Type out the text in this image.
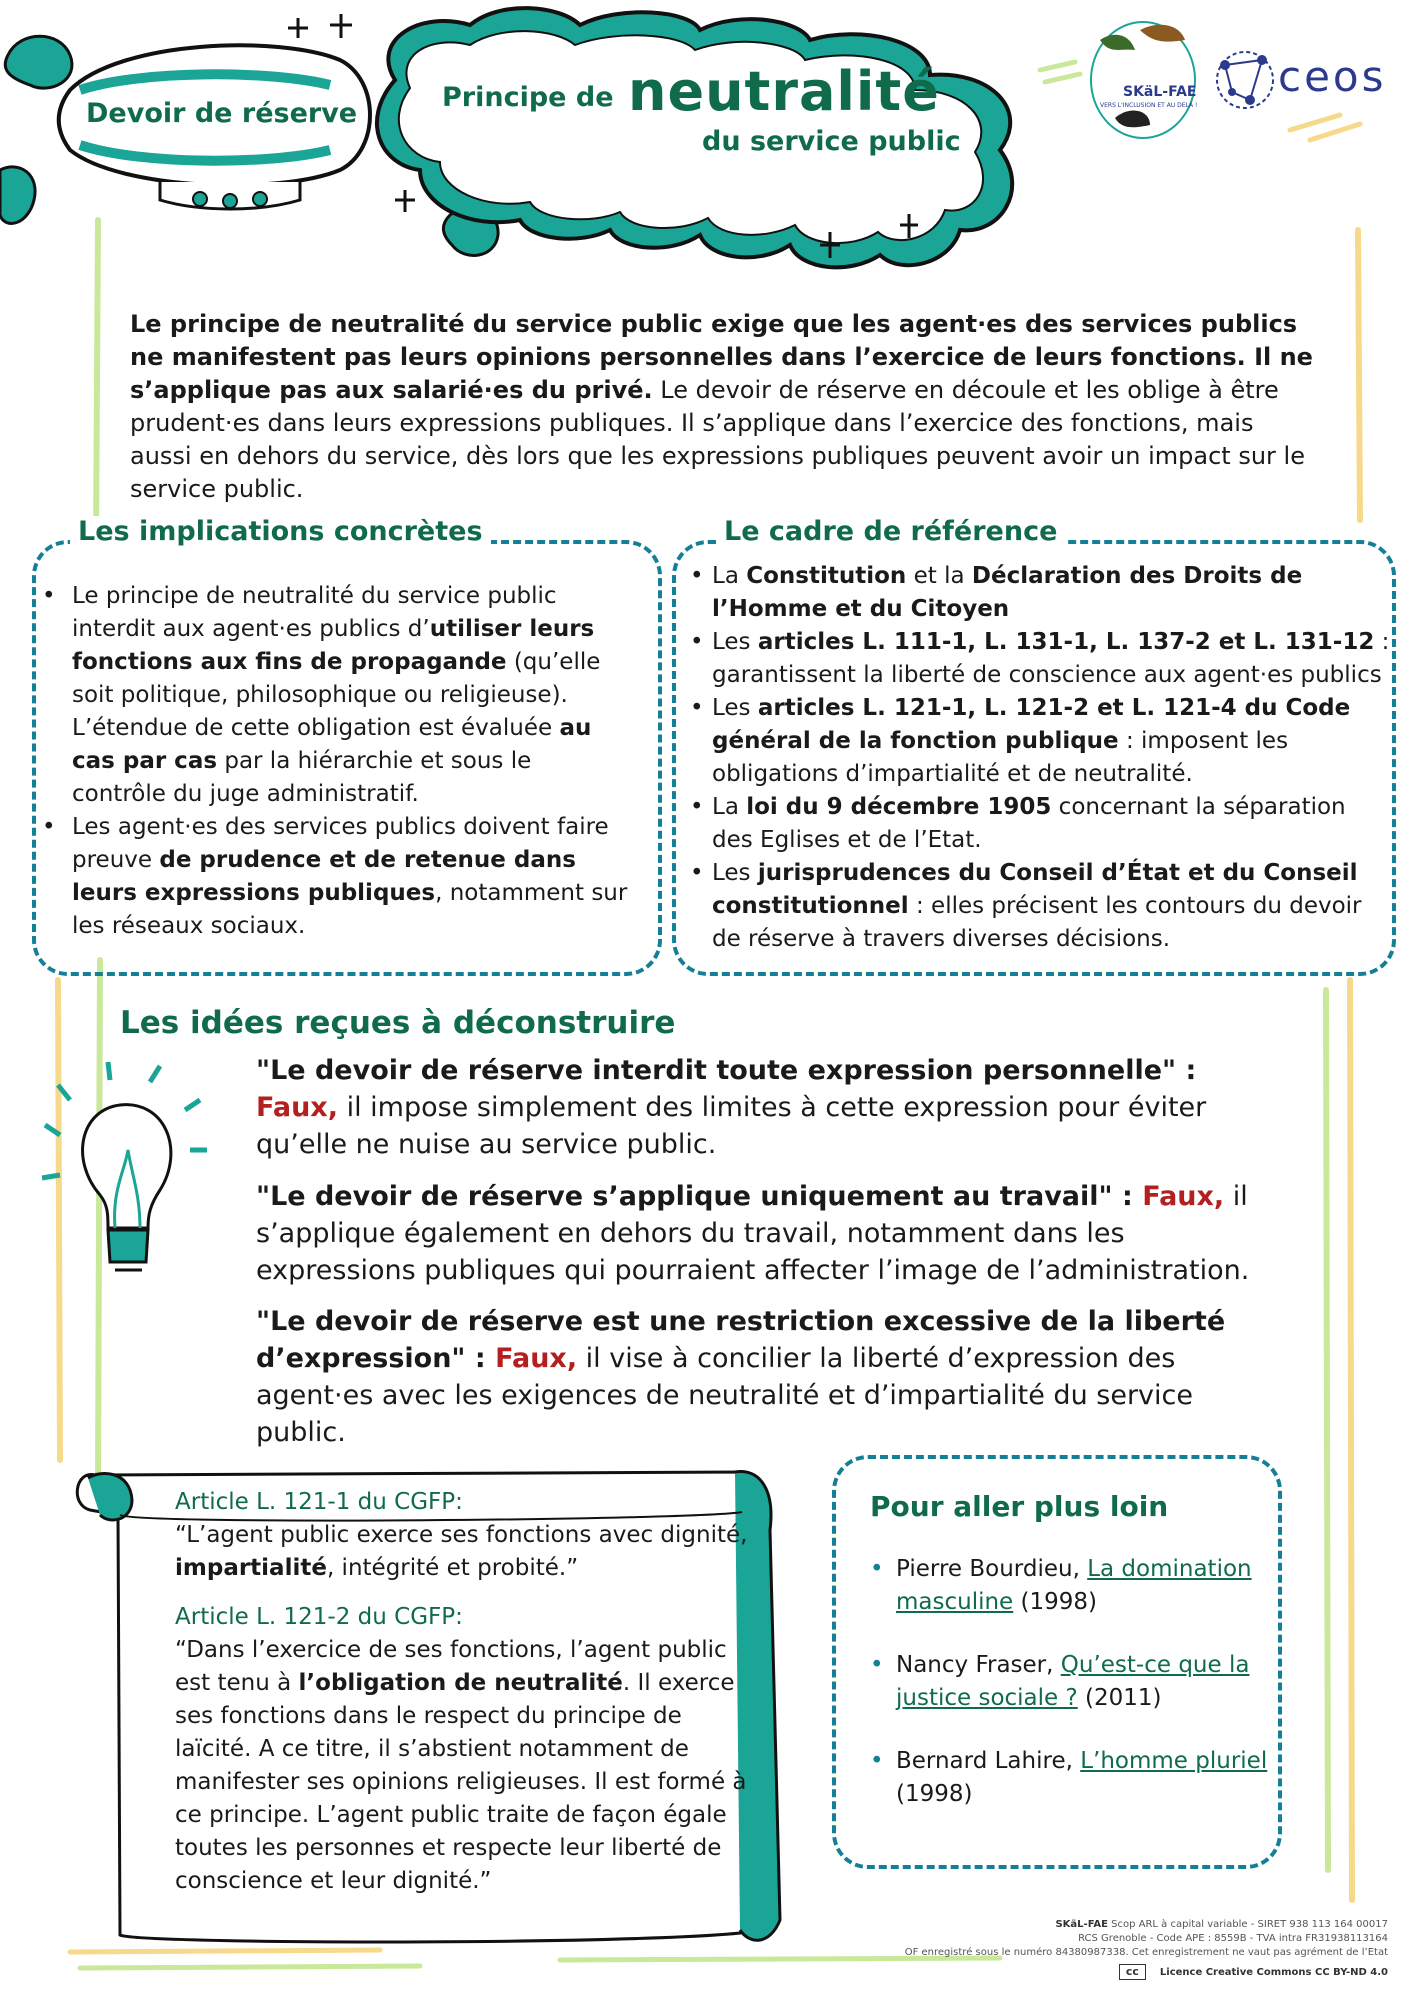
Devoir de réserve
Principe de neutralité
du service public
SKäL-FAE
VERS L'INCLUSION ET AU DELÀ !
ceos
Le principe de neutralité du service public exige que les agent·es des services publics ne manifestent pas leurs opinions personnelles dans l’exercice de leurs fonctions. Il ne s’applique pas aux salarié·es du privé. Le devoir de réserve en découle et les oblige à être prudent·es dans leurs expressions publiques. Il s’applique dans l’exercice des fonctions, mais aussi en dehors du service, dès lors que les expressions publiques peuvent avoir un impact sur le service public.
Les implications concrètes
• Le principe de neutralité du service public interdit aux agent·es publics d’utiliser leurs fonctions aux fins de propagande (qu’elle soit politique, philosophique ou religieuse). L’étendue de cette obligation est évaluée au cas par cas par la hiérarchie et sous le contrôle du juge administratif.
• Les agent·es des services publics doivent faire preuve de prudence et de retenue dans leurs expressions publiques, notamment sur les réseaux sociaux.
Le cadre de référence
• La Constitution et la Déclaration des Droits de l’Homme et du Citoyen
• Les articles L. 111-1, L. 131-1, L. 137-2 et L. 131-12 : garantissent la liberté de conscience aux agent·es publics
• Les articles L. 121-1, L. 121-2 et L. 121-4 du Code général de la fonction publique : imposent les obligations d’impartialité et de neutralité.
• La loi du 9 décembre 1905 concernant la séparation des Eglises et de l’Etat.
• Les jurisprudences du Conseil d’État et du Conseil constitutionnel : elles précisent les contours du devoir de réserve à travers diverses décisions.
Les idées reçues à déconstruire
"Le devoir de réserve interdit toute expression personnelle" : Faux, il impose simplement des limites à cette expression pour éviter qu’elle ne nuise au service public.
"Le devoir de réserve s’applique uniquement au travail" : Faux, il s’applique également en dehors du travail, notamment dans les expressions publiques qui pourraient affecter l’image de l’administration.
"Le devoir de réserve est une restriction excessive de la liberté d’expression" : Faux, il vise à concilier la liberté d’expression des agent·es avec les exigences de neutralité et d’impartialité du service public.
Article L. 121-1 du CGFP:
“L’agent public exerce ses fonctions avec dignité, impartialité, intégrité et probité.”
Article L. 121-2 du CGFP:
“Dans l’exercice de ses fonctions, l’agent public est tenu à l’obligation de neutralité. Il exerce ses fonctions dans le respect du principe de laïcité. A ce titre, il s’abstient notamment de manifester ses opinions religieuses. Il est formé à ce principe. L’agent public traite de façon égale toutes les personnes et respecte leur liberté de conscience et leur dignité.”
Pour aller plus loin
• Pierre Bourdieu, La domination masculine (1998)
• Nancy Fraser, Qu’est-ce que la justice sociale ? (2011)
• Bernard Lahire, L’homme pluriel (1998)
SKäL-FAE Scop ARL à capital variable - SIRET 938 113 164 00017
RCS Grenoble - Code APE : 8559B - TVA intra FR31938113164
OF enregistré sous le numéro 84380987338. Cet enregistrement ne vaut pas agrément de l’Etat
cc Licence Creative Commons CC BY-ND 4.0
